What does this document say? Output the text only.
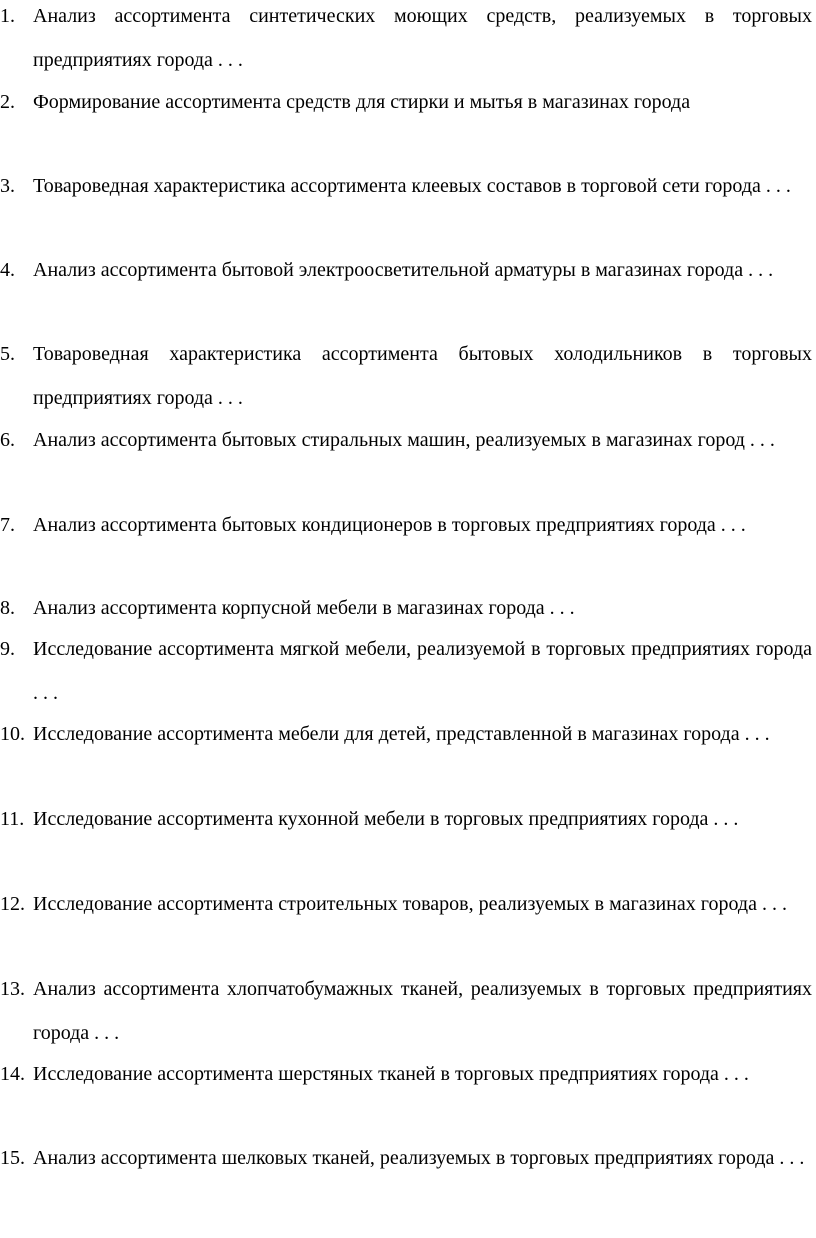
1. Анализ ассортимента синтетических моющих средств, реализуемых в торговых предприятиях города . . .
2. Формирование ассортимента средств для стирки и мытья в магазинах города
3. Товароведная характеристика ассортимента клеевых составов в торговой сети города . . .
4. Анализ ассортимента бытовой электроосветительной арматуры в магазинах города . . .
5. Товароведная характеристика ассортимента бытовых холодильников в торговых предприятиях города . . .
6. Анализ ассортимента бытовых стиральных машин, реализуемых в магазинах город . . .
7. Анализ ассортимента бытовых кондиционеров в торговых предприятиях города . . .
8. Анализ ассортимента корпусной мебели в магазинах города . . .
9. Исследование ассортимента мягкой мебели, реализуемой в торговых предприятиях города . . .
10. Исследование ассортимента мебели для детей, представленной в магазинах города . . .
11. Исследование ассортимента кухонной мебели в торговых предприятиях города . . .
12. Исследование ассортимента строительных товаров, реализуемых в магазинах города . . .
13. Анализ ассортимента хлопчатобумажных тканей, реализуемых в торговых предприятиях города . . .
14. Исследование ассортимента шерстяных тканей в торговых предприятиях города . . .
15. Анализ ассортимента шелковых тканей, реализуемых в торговых предприятиях города . . .
